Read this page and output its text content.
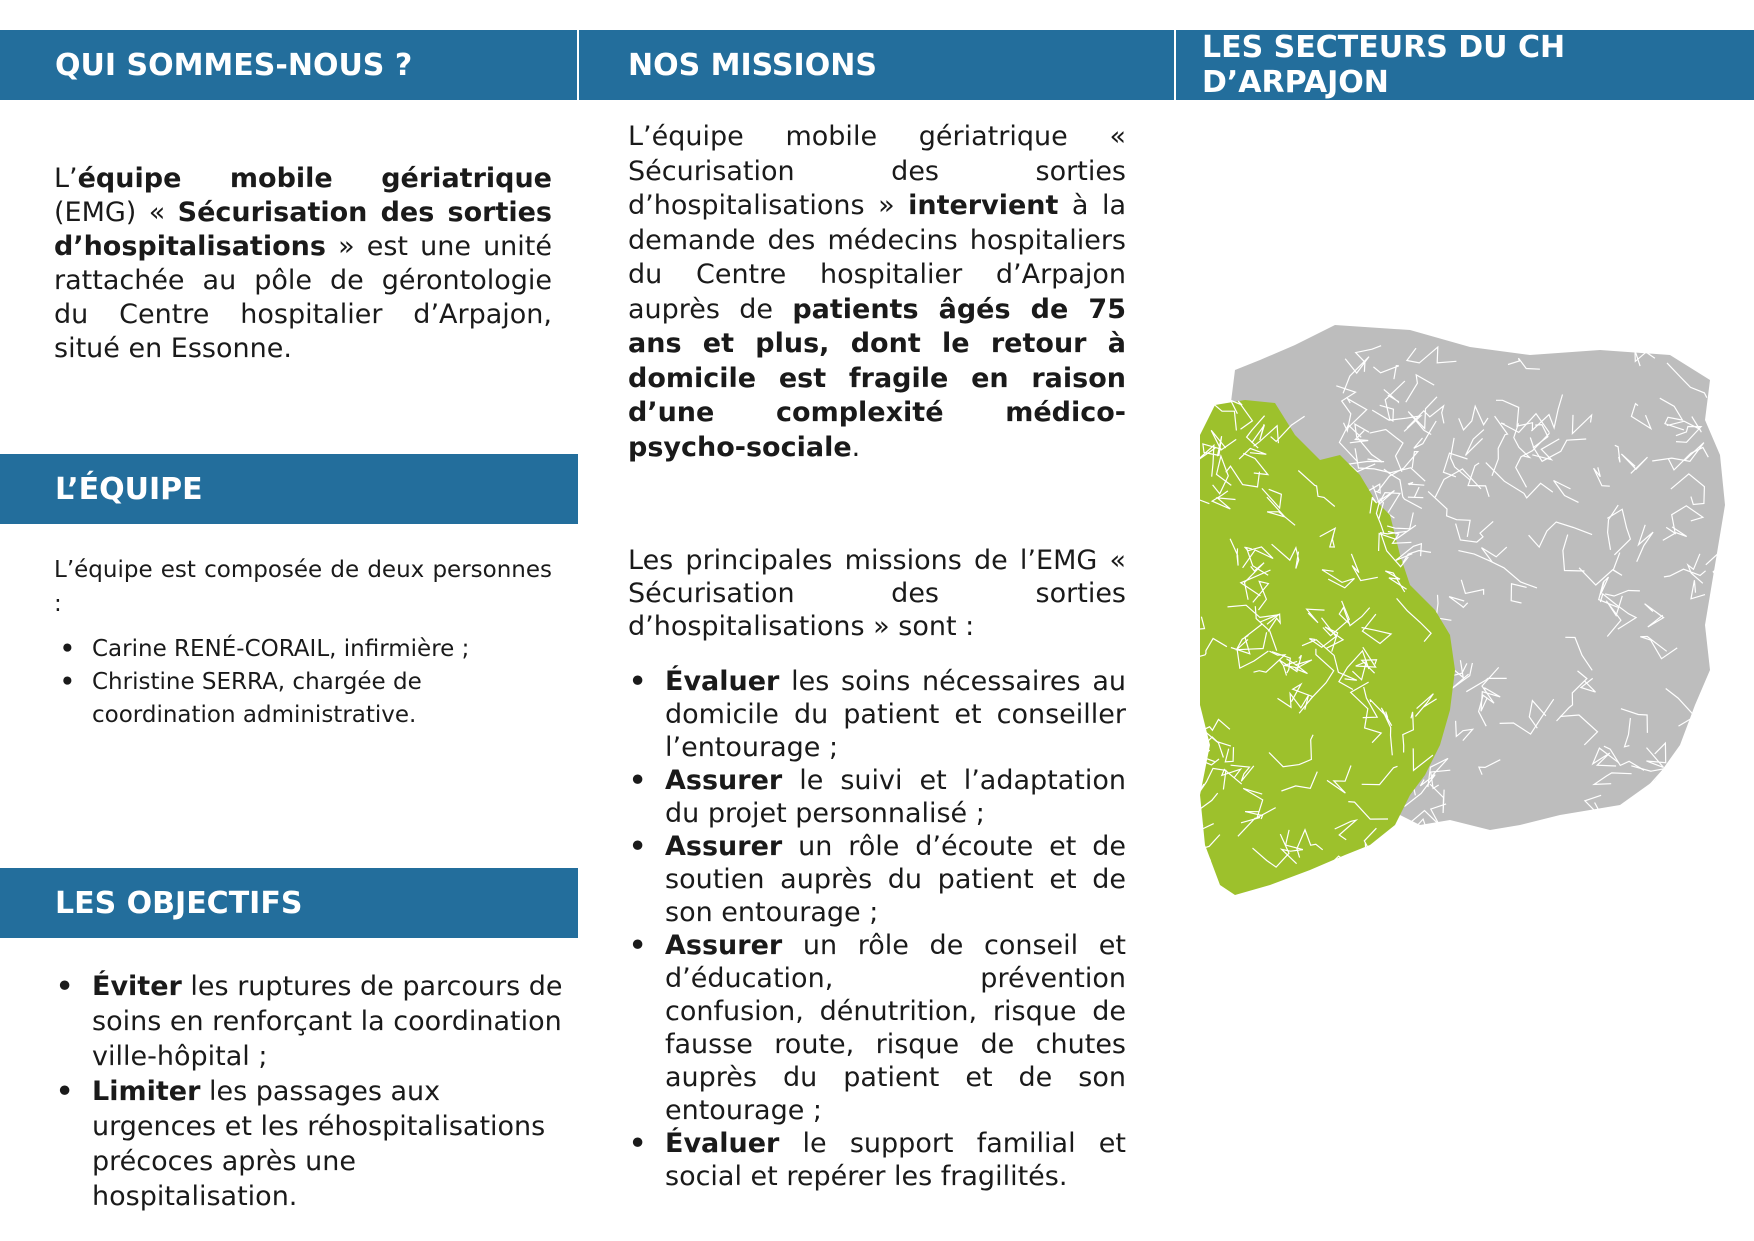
QUI SOMMES-NOUS ?	NOS MISSIONS	LES SECTEURS DU CH D’ARPAJON
L’ÉQUIPE
LES OBJECTIFS

L’équipe mobile gériatrique (EMG) « Sécurisation des sorties d’hospitalisations » est une unité rattachée au pôle de gérontologie du Centre hospitalier d’Arpajon, situé en Essonne.

L’équipe est composée de deux personnes :

• Carine RENÉ-CORAIL, infirmière ;
• Christine SERRA, chargée de coordination administrative.
• Éviter les ruptures de parcours de soins en renforçant la coordination ville-hôpital ;
• Limiter les passages aux urgences et les réhospitalisations précoces après une hospitalisation.

L’équipe mobile gériatrique « Sécurisation des sorties d’hospitalisations » intervient à la demande des médecins hospitaliers du Centre hospitalier d’Arpajon auprès de patients âgés de 75 ans et plus, dont le retour à domicile est fragile en raison d’une complexité médico-psycho-sociale.

Les principales missions de l’EMG « Sécurisation des sorties d’hospitalisations » sont :

• Évaluer les soins nécessaires au domicile du patient et conseiller l’entourage ;
• Assurer le suivi et l’adaptation du projet personnalisé ;
• Assurer un rôle d’écoute et de soutien auprès du patient et de son entourage ;
• Assurer un rôle de conseil et d’éducation, prévention confusion, dénutrition, risque de fausse route, risque de chutes auprès du patient et de son entourage ;
• Évaluer le support familial et social et repérer les fragilités.
